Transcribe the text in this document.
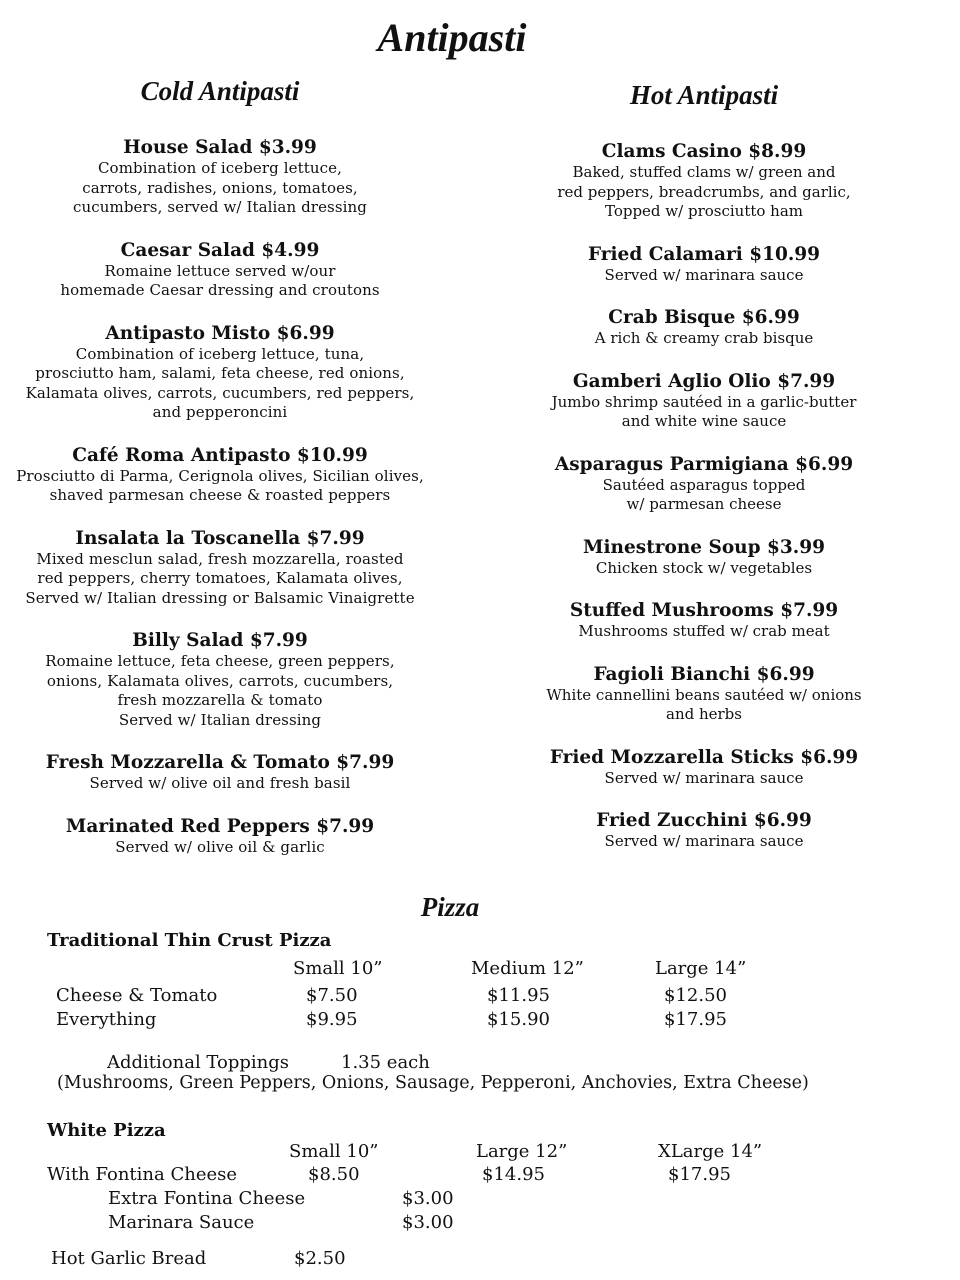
Antipasti
Cold Antipasti
House Salad $3.99
Combination of iceberg lettuce,
carrots, radishes, onions, tomatoes,
cucumbers, served w/ Italian dressing
Caesar Salad $4.99
Romaine lettuce served w/our
homemade Caesar dressing and croutons
Antipasto Misto $6.99
Combination of iceberg lettuce, tuna,
prosciutto ham, salami, feta cheese, red onions,
Kalamata olives, carrots, cucumbers, red peppers,
and pepperoncini
Café Roma Antipasto $10.99
Prosciutto di Parma, Cerignola olives, Sicilian olives,
shaved parmesan cheese & roasted peppers
Insalata la Toscanella $7.99
Mixed mesclun salad, fresh mozzarella, roasted
red peppers, cherry tomatoes, Kalamata olives,
Served w/ Italian dressing or Balsamic Vinaigrette
Billy Salad $7.99
Romaine lettuce, feta cheese, green peppers,
onions, Kalamata olives, carrots, cucumbers,
fresh mozzarella & tomato
Served w/ Italian dressing
Fresh Mozzarella & Tomato $7.99
Served w/ olive oil and fresh basil
Marinated Red Peppers $7.99
Served w/ olive oil & garlic
Hot Antipasti
Clams Casino $8.99
Baked, stuffed clams w/ green and
red peppers, breadcrumbs, and garlic,
Topped w/ prosciutto ham
Fried Calamari $10.99
Served w/ marinara sauce
Crab Bisque $6.99
A rich & creamy crab bisque
Gamberi Aglio Olio $7.99
Jumbo shrimp sautéed in a garlic-butter
and white wine sauce
Asparagus Parmigiana $6.99
Sautéed asparagus topped
w/ parmesan cheese
Minestrone Soup $3.99
Chicken stock w/ vegetables
Stuffed Mushrooms $7.99
Mushrooms stuffed w/ crab meat
Fagioli Bianchi $6.99
White cannellini beans sautéed w/ onions
and herbs
Fried Mozzarella Sticks $6.99
Served w/ marinara sauce
Fried Zucchini $6.99
Served w/ marinara sauce
Pizza
Traditional Thin Crust Pizza
Small 10”	Medium 12”	Large 14”
Cheese & Tomato	$7.50	$11.95	$12.50
Everything	$9.95	$15.90	$17.95
Additional Toppings	1.35 each
(Mushrooms, Green Peppers, Onions, Sausage, Pepperoni, Anchovies, Extra Cheese)
White Pizza
Small 10”	Large 12”	XLarge 14”
With Fontina Cheese	$8.50	$14.95	$17.95
Extra Fontina Cheese	$3.00
Marinara Sauce	$3.00
Hot Garlic Bread	$2.50
